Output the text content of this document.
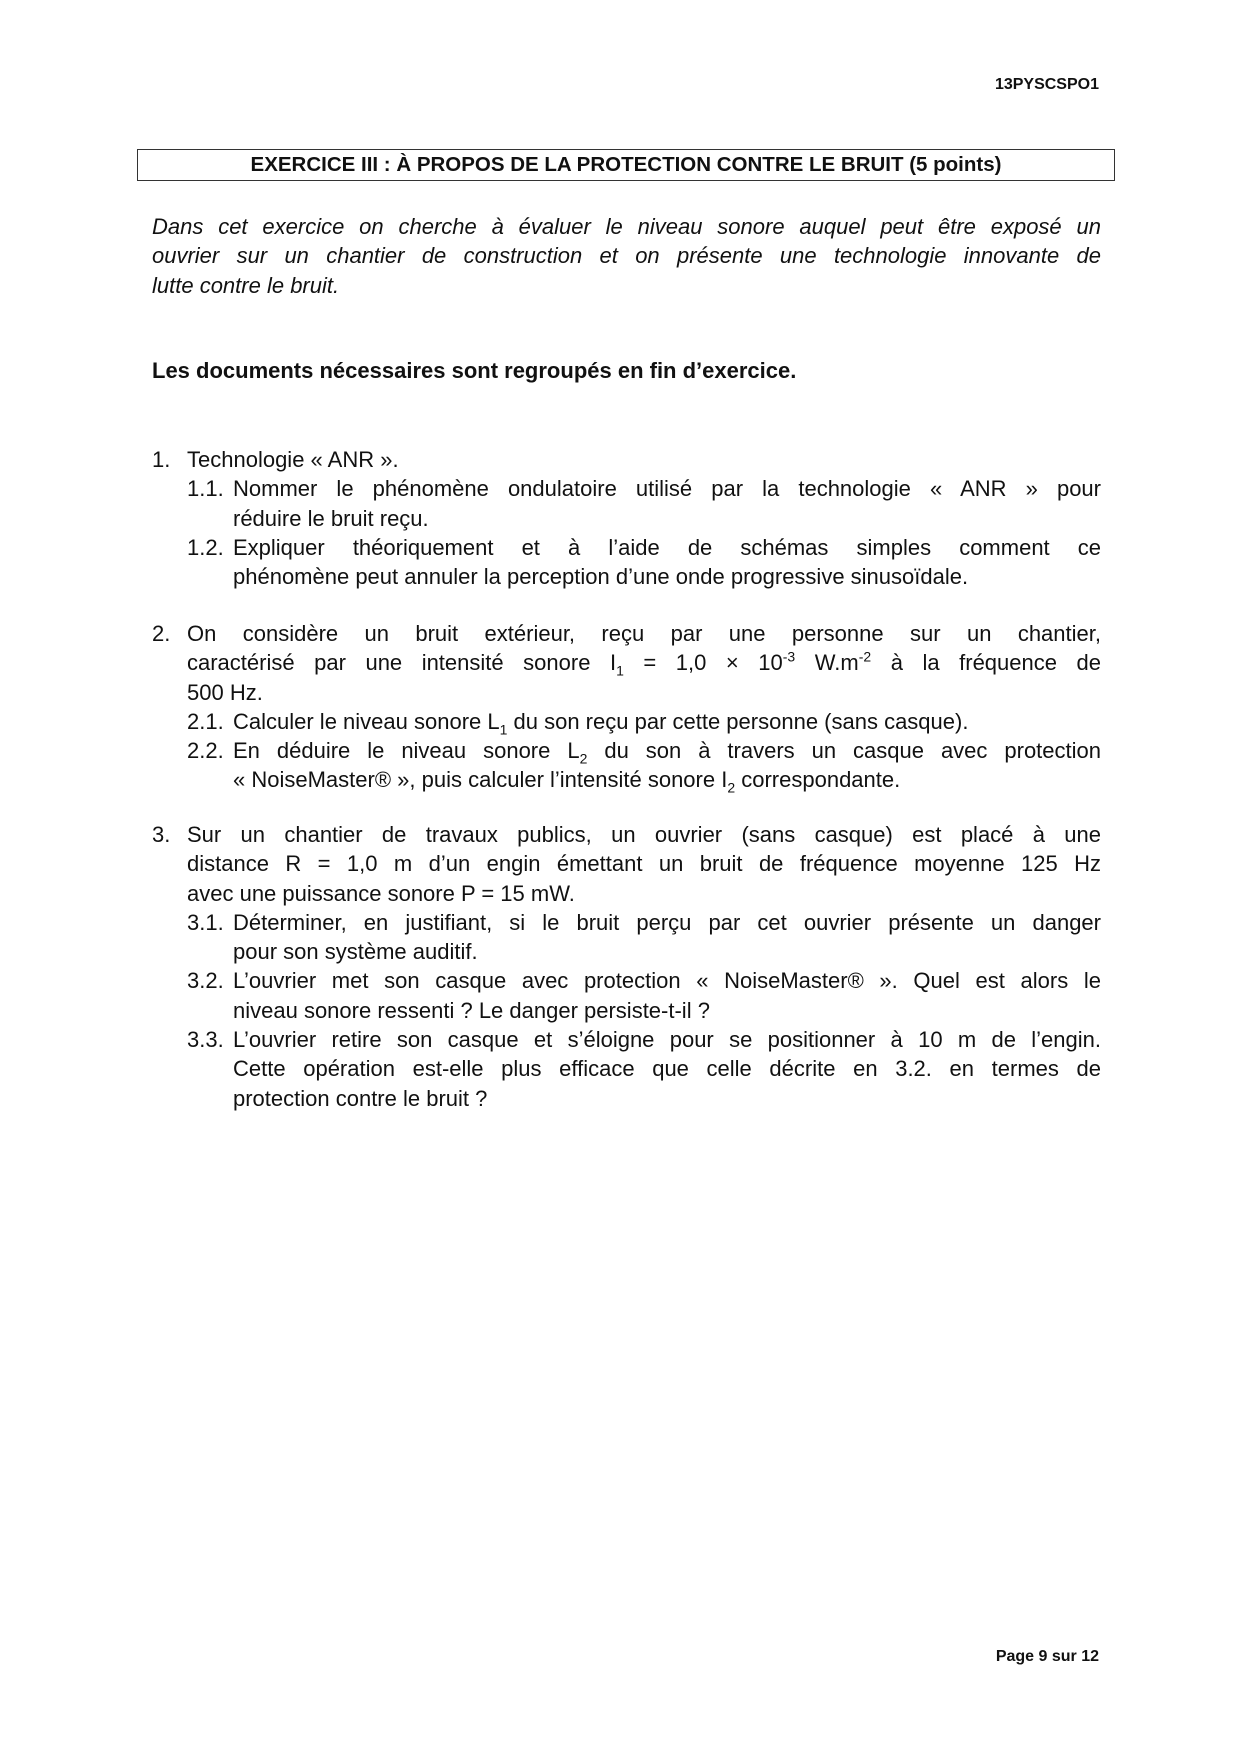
13PYSCSPO1
EXERCICE III : À PROPOS DE LA PROTECTION CONTRE LE BRUIT (5 points)
Dans cet exercice on cherche à évaluer le niveau sonore auquel peut être exposé un
ouvrier sur un chantier de construction et on présente une technologie innovante de
lutte contre le bruit.
Les documents nécessaires sont regroupés en fin d’exercice.
1. Technologie « ANR ».
1.1. Nommer le phénomène ondulatoire utilisé par la technologie « ANR » pour
réduire le bruit reçu.
1.2. Expliquer théoriquement et à l’aide de schémas simples comment ce
phénomène peut annuler la perception d’une onde progressive sinusoïdale.
2. On considère un bruit extérieur, reçu par une personne sur un chantier,
caractérisé par une intensité sonore $I_1 = 1,0 \times 10^{-3}$ $W.m^{-2}$ à la fréquence de
500 Hz.
2.1. Calculer le niveau sonore $L_1$ du son reçu par cette personne (sans casque).
2.2. En déduire le niveau sonore $L_2$ du son à travers un casque avec protection
« NoiseMaster® », puis calculer l’intensité sonore $I_2$ correspondante.
3. Sur un chantier de travaux publics, un ouvrier (sans casque) est placé à une
distance R = 1,0 m d’un engin émettant un bruit de fréquence moyenne 125 Hz
avec une puissance sonore P = 15 mW.
3.1. Déterminer, en justifiant, si le bruit perçu par cet ouvrier présente un danger
pour son système auditif.
3.2. L’ouvrier met son casque avec protection « NoiseMaster® ». Quel est alors le
niveau sonore ressenti ? Le danger persiste-t-il ?
3.3. L’ouvrier retire son casque et s’éloigne pour se positionner à 10 m de l’engin.
Cette opération est-elle plus efficace que celle décrite en 3.2. en termes de
protection contre le bruit ?
Page 9 sur 12
